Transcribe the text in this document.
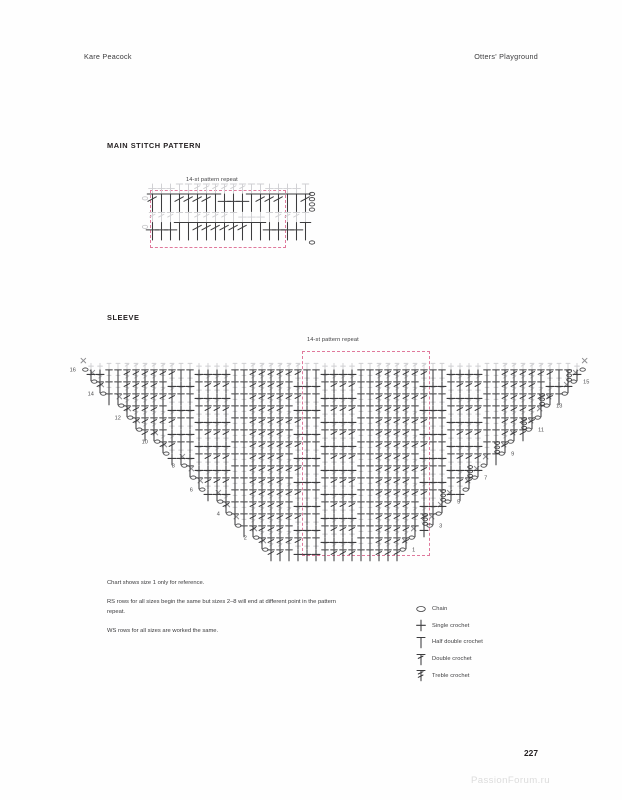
Kare Peacock	Otters' Playground
MAIN STITCH PATTERN
14-st pattern repeat
SLEEVE
14-st pattern repeat
1
2
3
4
5
6
7
8
9
10
11
12
13
14
15
16

Chart shows size 1 only for reference.

RS rows for all sizes begin the same but sizes 2–8 will end at different point in the pattern repeat.

WS rows for all sizes are worked the same.

Chain
Single crochet
Half double crochet
Double crochet
Treble crochet
227
PassionForum.ru
